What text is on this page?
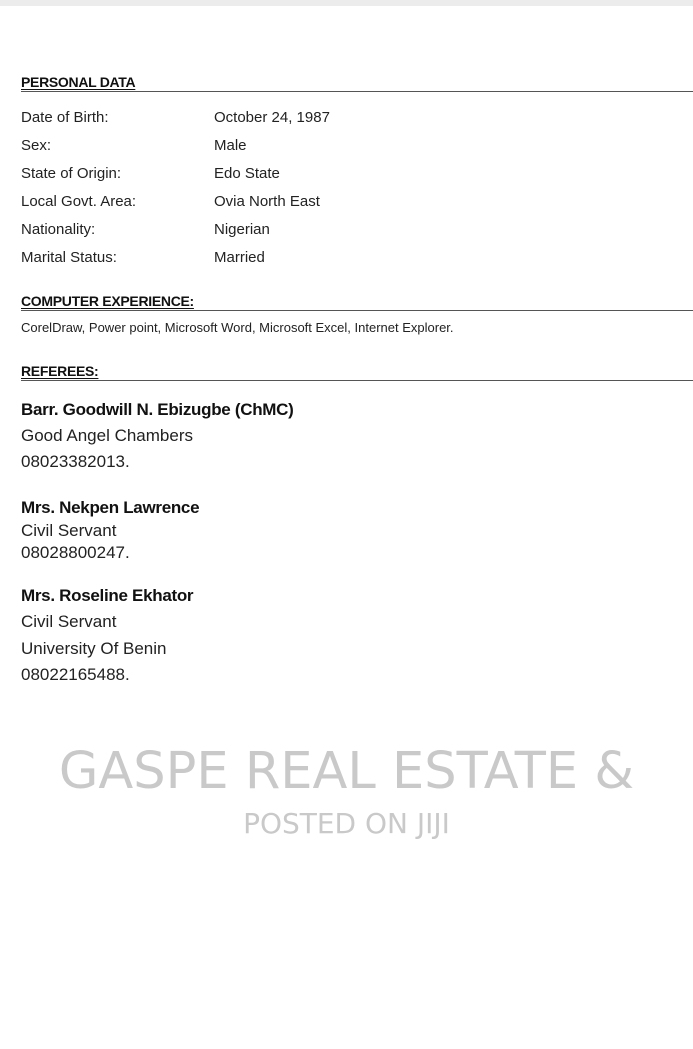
PERSONAL DATA
Date of Birth:	October 24, 1987
Sex:	Male
State of Origin:	Edo State
Local Govt. Area:	Ovia North East
Nationality:	Nigerian
Marital Status:	Married
COMPUTER EXPERIENCE:
CorelDraw, Power point, Microsoft Word, Microsoft Excel, Internet Explorer.
REFEREES:
Barr. Goodwill N. Ebizugbe (ChMC)
Good Angel Chambers
08023382013.
Mrs. Nekpen Lawrence
Civil Servant
08028800247.
Mrs. Roseline Ekhator
Civil Servant
University Of Benin
08022165488.
GASPE REAL ESTATE &
POSTED ON JIJI
